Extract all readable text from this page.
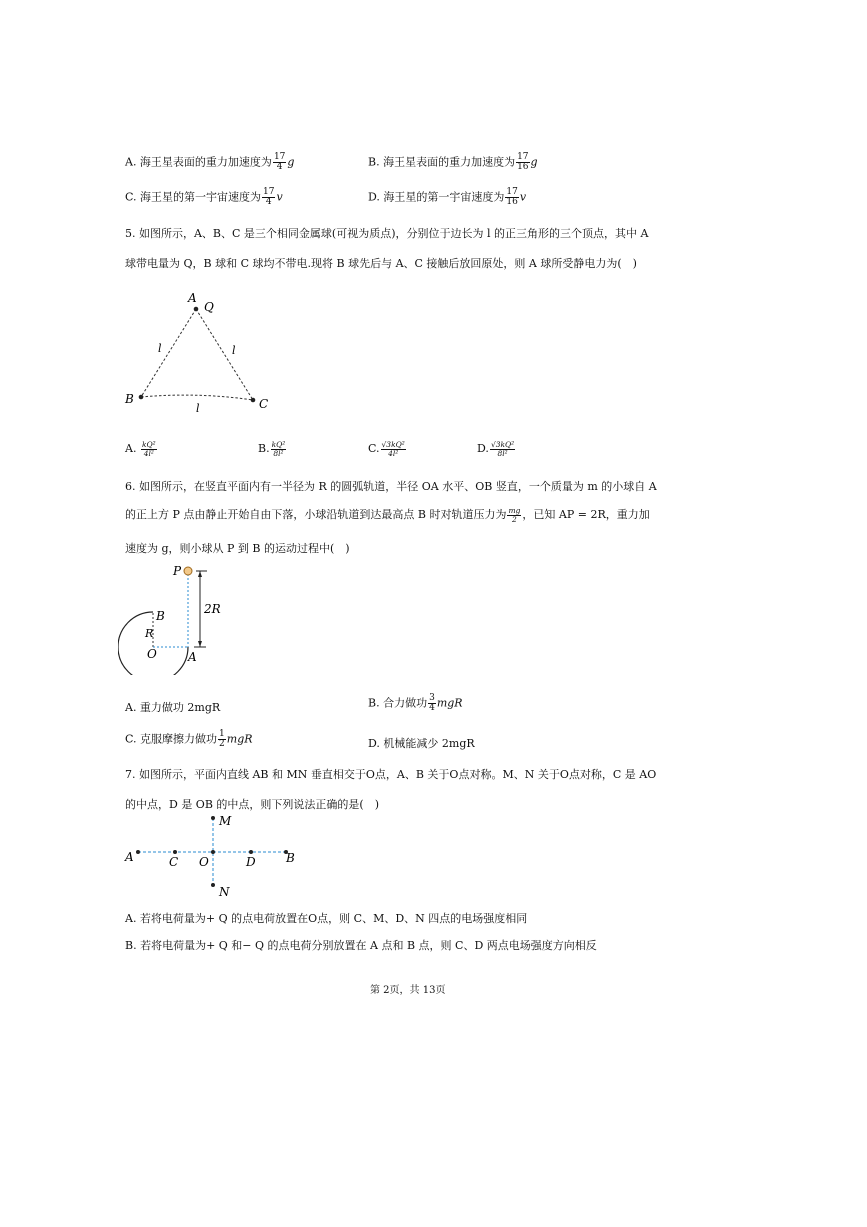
A. 海王星表面的重力加速度为 $\frac{17}{4}$ g	B. 海王星表面的重力加速度为 $\frac{17}{16}$ g
C. 海王星的第一宇宙速度为 $\frac{17}{4}$ v	D. 海王星的第一宇宙速度为 $\frac{17}{16}$ v
5. 如图所示，A、B、C 是三个相同金属球(可视为质点)，分别位于边长为 l 的正三角形的三个顶点，其中 A
球带电量为 Q，B 球和 C 球均不带电.现将 B 球先后与 A、C 接触后放回原处，则 A 球所受静电力为(　)
A
Q
B	C
l	l
l
A. $\frac{\text{kQ²}}{\text{4l²}}$	B. $\frac{\text{kQ²}}{\text{8l²}}$	C. $\frac{\text{√3kQ²}}{\text{4l²}}$	D. $\frac{\text{√3kQ²}}{\text{8l²}}$
6. 如图所示，在竖直平面内有一半径为 R 的圆弧轨道，半径 OA 水平、OB 竖直，一个质量为 m 的小球自 A
的正上方 P 点由静止开始自由下落，小球沿轨道到达最高点 B 时对轨道压力为 $\frac{mg}{2}$ ，已知 AP = 2R，重力加
速度为 g，则小球从 P 到 B 的运动过程中(　)
P
2R
B
R
O	A
A. 重力做功 2mgR	B. 合力做功 $\frac{3}{4}$ mgR
C. 克服摩擦力做功 $\frac{1}{2}$ mgR	D. 机械能减少 2mgR
7. 如图所示，平面内直线 AB 和 MN 垂直相交于O点，A、B 关于O点对称。M、N 关于O点对称，C 是 AO
的中点，D 是 OB 的中点，则下列说法正确的是(　)
M
A	C O	D	B
N
A. 若将电荷量为+ Q 的点电荷放置在O点，则 C、M、D、N 四点的电场强度相同
B. 若将电荷量为+ Q 和− Q 的点电荷分别放置在 A 点和 B 点，则 C、D 两点电场强度方向相反
第 2页，共 13页
